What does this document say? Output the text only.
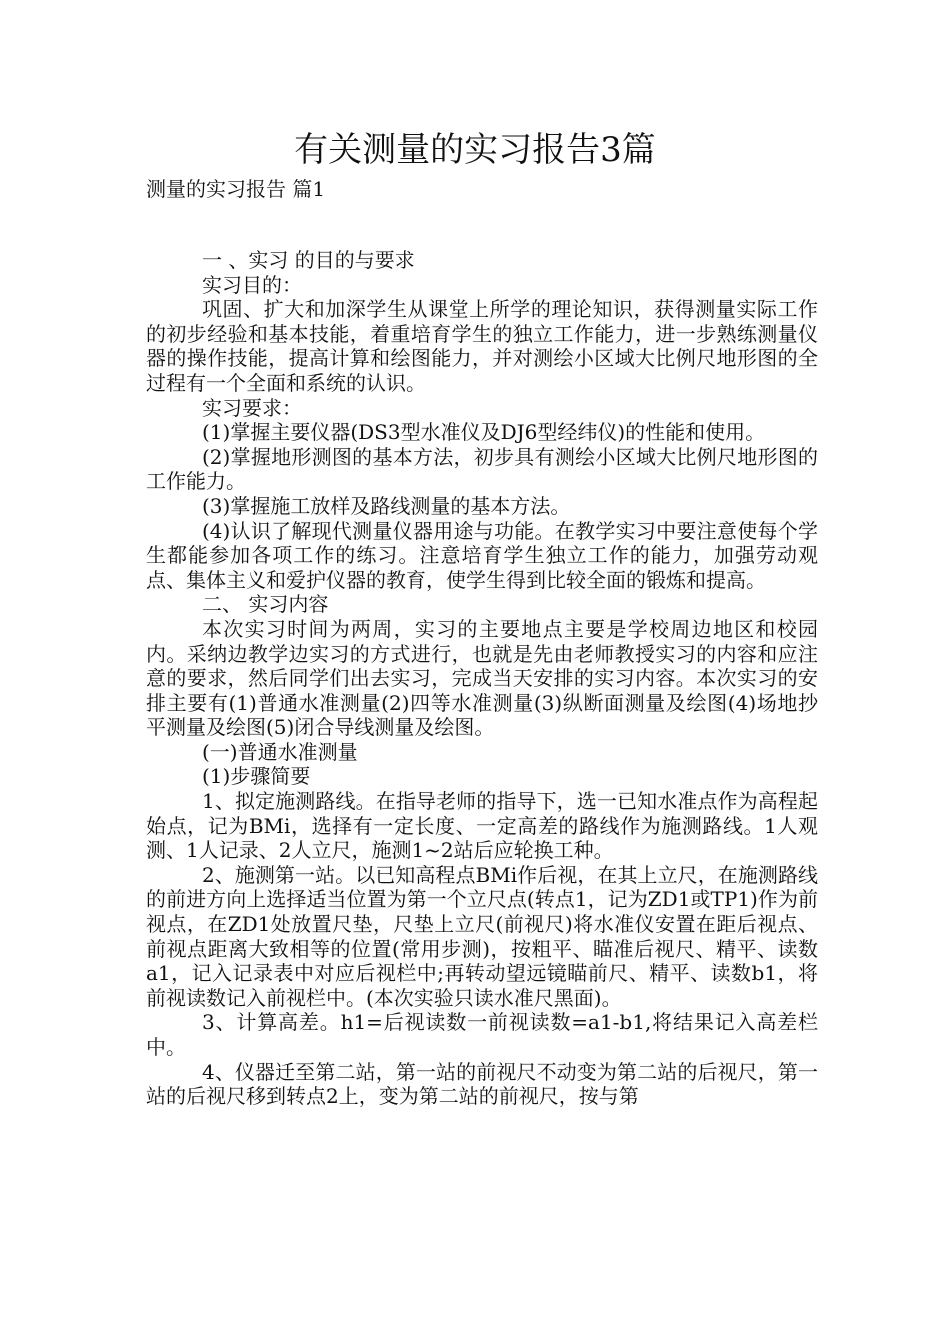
有关测量的实习报告3篇
测量的实习报告 篇1

一 、实习 的目的与要求

实习目的：

巩固、扩大和加深学生从课堂上所学的理论知识，获得测量实际工作的初步经验和基本技能，着重培育学生的独立工作能力，进一步熟练测量仪器的操作技能，提高计算和绘图能力，并对测绘小区域大比例尺地形图的全过程有一个全面和系统的认识。

实习要求：

(1)掌握主要仪器(DS3型水准仪及DJ6型经纬仪)的性能和使用。

(2)掌握地形测图的基本方法，初步具有测绘小区域大比例尺地形图的工作能力。

(3)掌握施工放样及路线测量的基本方法。

(4)认识了解现代测量仪器用途与功能。在教学实习中要注意使每个学生都能参加各项工作的练习。注意培育学生独立工作的能力，加强劳动观点、集体主义和爱护仪器的教育，使学生得到比较全面的锻炼和提高。

二、 实习内容

本次实习时间为两周，实习的主要地点主要是学校周边地区和校园内。采纳边教学边实习的方式进行，也就是先由老师教授实习的内容和应注意的要求，然后同学们出去实习，完成当天安排的实习内容。本次实习的安排主要有(1)普通水准测量(2)四等水准测量(3)纵断面测量及绘图(4)场地抄平测量及绘图(5)闭合导线测量及绘图。

(一)普通水准测量

(1)步骤简要

1、拟定施测路线。在指导老师的指导下，选一已知水准点作为高程起始点，记为BMi，选择有一定长度、一定高差的路线作为施测路线。1人观测、1人记录、2人立尺，施测1~2站后应轮换工种。

2、施测第一站。以已知高程点BMi作后视，在其上立尺，在施测路线的前进方向上选择适当位置为第一个立尺点(转点1，记为ZD1或TP1)作为前视点，在ZD1处放置尺垫，尺垫上立尺(前视尺)将水准仪安置在距后视点、前视点距离大致相等的位置(常用步测)，按粗平、瞄准后视尺、精平、读数 a1，记入记录表中对应后视栏中;再转动望远镜瞄前尺、精平、读数b1，将前视读数记入前视栏中。(本次实验只读水准尺黑面)。

3、计算高差。h1=后视读数一前视读数=a1-b1,将结果记入高差栏中。

4、仪器迁至第二站，第一站的前视尺不动变为第二站的后视尺，第一站的后视尺移到转点2上，变为第二站的前视尺，按与第
